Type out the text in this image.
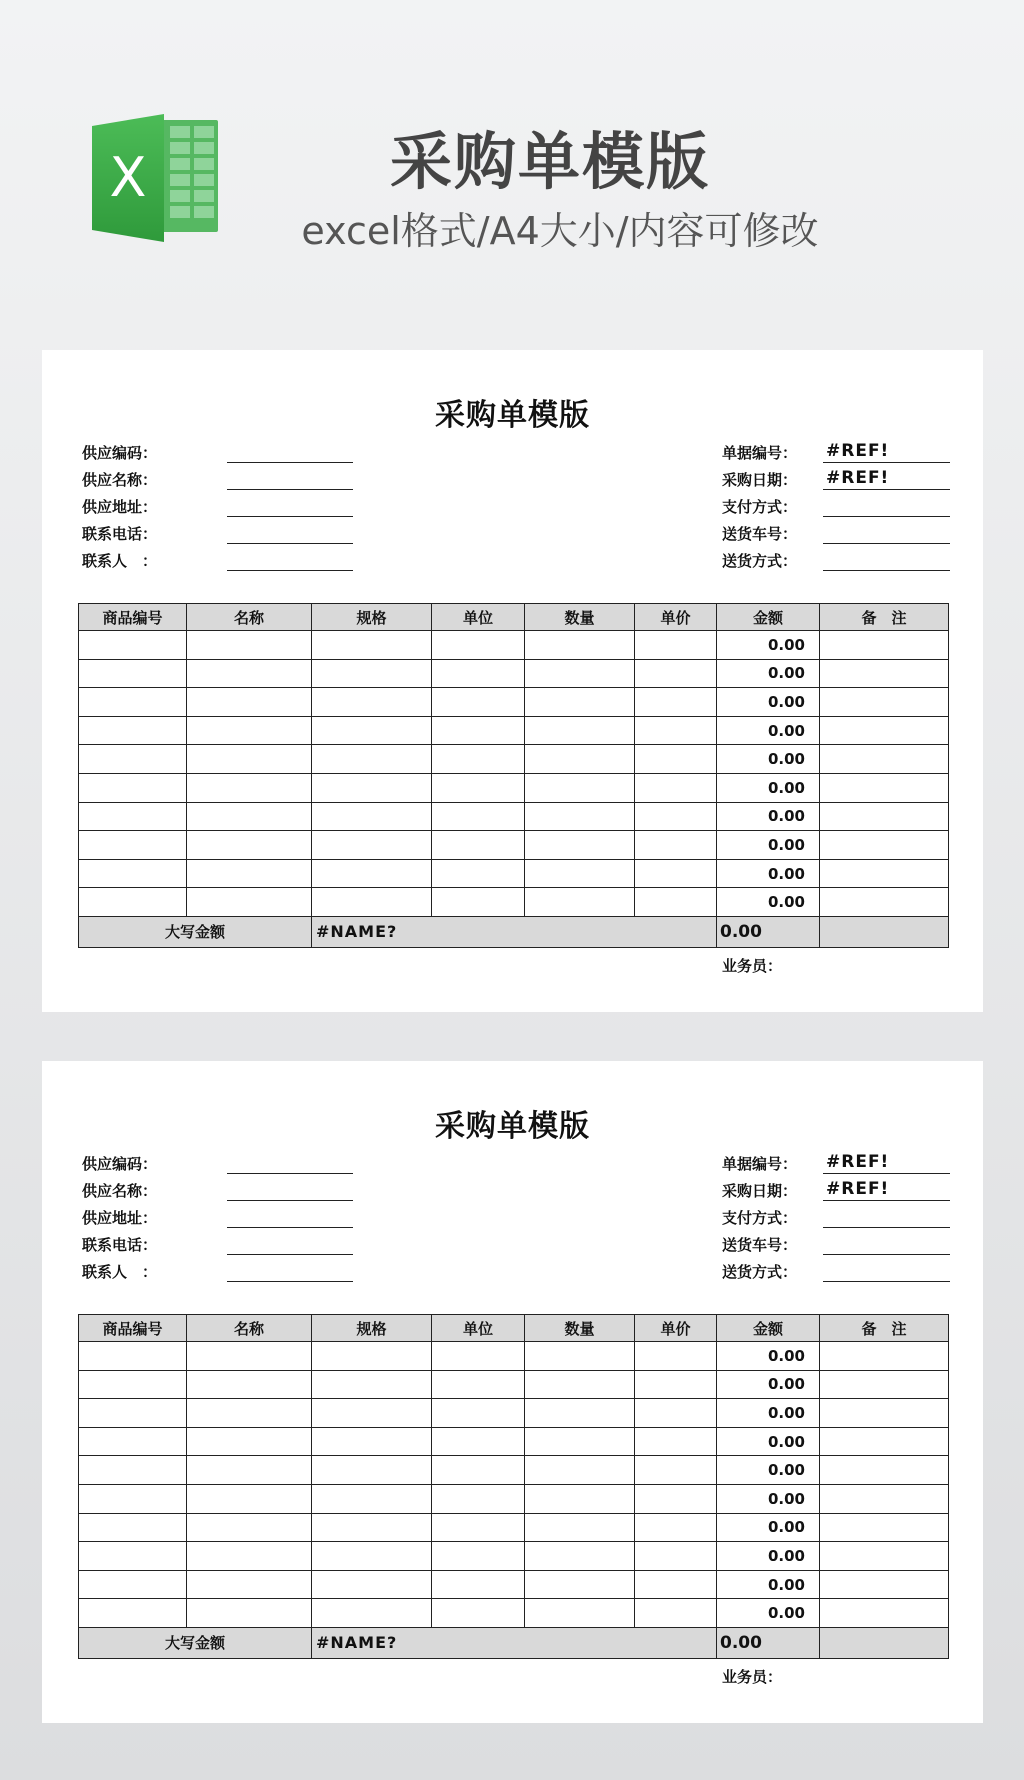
X	采购单模版
excel格式/A4大小/内容可修改
采购单模版
供应编码：
供应名称：
供应地址：
联系电话：
联系人　：
单据编号： #REF!
采购日期： #REF!
支付方式：
送货车号：
送货方式：
商品编号	名称	规格	单位	数量	单价	金额	备　注
						0.00	
						0.00	
						0.00	
						0.00	
						0.00	
						0.00	
						0.00	
						0.00	
						0.00	
						0.00	
大写金额		#NAME?				0.00	
业务员：
采购单模版
供应编码：
供应名称：
供应地址：
联系电话：
联系人　：
单据编号： #REF!
采购日期： #REF!
支付方式：
送货车号：
送货方式：
商品编号	名称	规格	单位	数量	单价	金额	备　注
						0.00	
						0.00	
						0.00	
						0.00	
						0.00	
						0.00	
						0.00	
						0.00	
						0.00	
						0.00	
大写金额		#NAME?				0.00	
业务员：
